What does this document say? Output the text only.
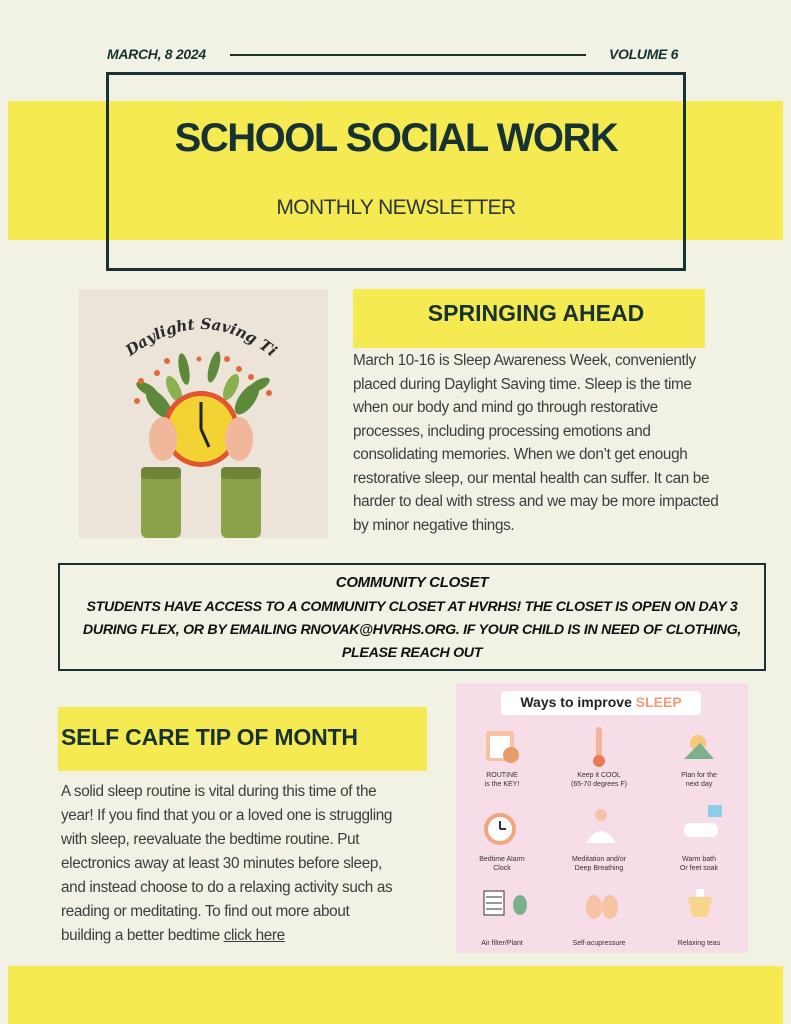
MARCH, 8 2024	VOLUME 6
SCHOOL SOCIAL WORK
MONTHLY NEWSLETTER
Daylight Saving Ti
SPRINGING AHEAD
March 10-16 is Sleep Awareness Week, conveniently placed during Daylight Saving time. Sleep is the time when our body and mind go through restorative processes, including processing emotions and consolidating memories. When we don’t get enough restorative sleep, our mental health can suffer. It can be harder to deal with stress and we may be more impacted by minor negative things.
COMMUNITY CLOSET
STUDENTS HAVE ACCESS TO A COMMUNITY CLOSET AT HVRHS! THE CLOSET IS OPEN ON DAY 3 DURING FLEX, OR BY EMAILING RNOVAK@HVRHS.ORG. IF YOUR CHILD IS IN NEED OF CLOTHING, PLEASE REACH OUT
SELF CARE TIP OF MONTH
A solid sleep routine is vital during this time of the year! If you find that you or a loved one is struggling with sleep, reevaluate the bedtime routine. Put electronics away at least 30 minutes before sleep, and instead choose to do a relaxing activity such as reading or meditating. To find out more about building a better bedtime click here
Ways to improve SLEEP
ROUTINE
is the KEY!
Keep it COOL
(65-70 degrees F)
Plan for the
next day
Bedtime Alarm
Clock
Meditation and/or
Deep Breathing
Warm bath
Or feet soak
Air filter/Plant	Self-acupressure	Relaxing teas
